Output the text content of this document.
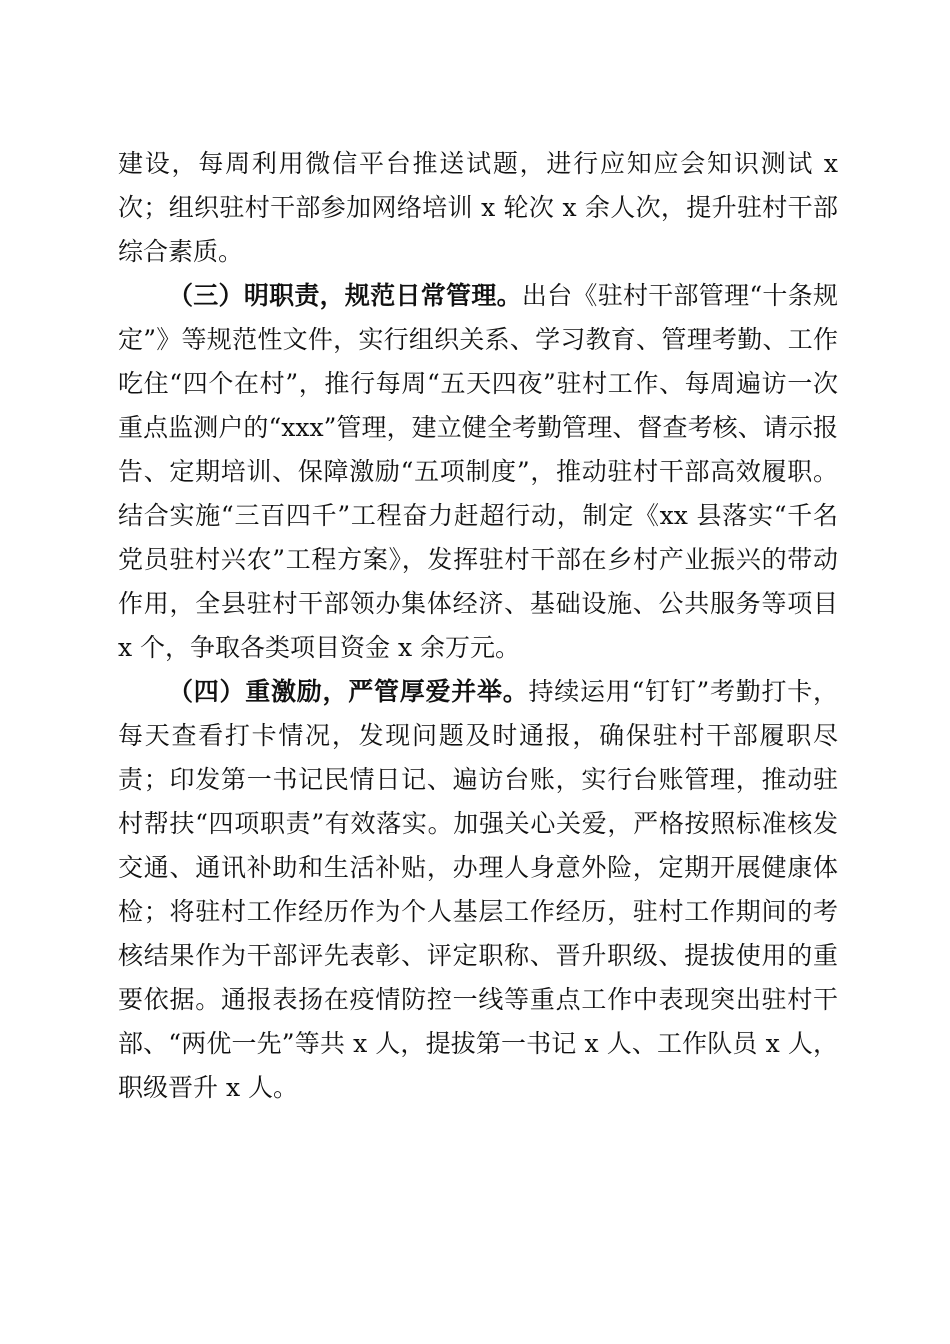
建设，每周利用微信平台推送试题，进行应知应会知识测试 x 次；组织驻村干部参加网络培训 x 轮次 x 余人次，提升驻村干部综合素质。

（三）明职责，规范日常管理。出台《驻村干部管理“十条规定”》等规范性文件，实行组织关系、学习教育、管理考勤、工作吃住“四个在村”，推行每周“五天四夜”驻村工作、每周遍访一次重点监测户的“xxx”管理，建立健全考勤管理、督查考核、请示报告、定期培训、保障激励“五项制度”，推动驻村干部高效履职。结合实施“三百四千”工程奋力赶超行动，制定《xx 县落实“千名党员驻村兴农”工程方案》，发挥驻村干部在乡村产业振兴的带动作用，全县驻村干部领办集体经济、基础设施、公共服务等项目 x 个，争取各类项目资金 x 余万元。

（四）重激励，严管厚爱并举。持续运用“钉钉”考勤打卡，每天查看打卡情况，发现问题及时通报，确保驻村干部履职尽责；印发第一书记民情日记、遍访台账，实行台账管理，推动驻村帮扶“四项职责”有效落实。加强关心关爱，严格按照标准核发交通、通讯补助和生活补贴，办理人身意外险，定期开展健康体检；将驻村工作经历作为个人基层工作经历，驻村工作期间的考核结果作为干部评先表彰、评定职称、晋升职级、提拔使用的重要依据。通报表扬在疫情防控一线等重点工作中表现突出驻村干部、“两优一先”等共 x 人，提拔第一书记 x 人、工作队员 x 人，职级晋升 x 人。
